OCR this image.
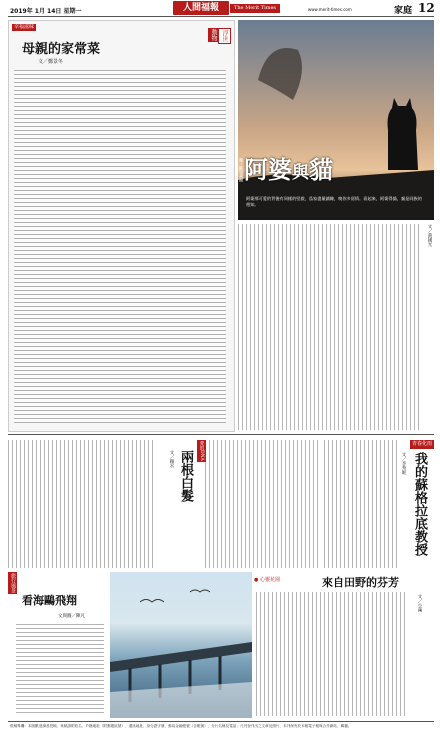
2019年 1月 14日 星期一	人間福報	The Merit Times	www.merit-times.com	家庭 12
幸福滋味
母親的家常菜
文／鄭景冬
浮世
動物
圖／歐如蘋攝 阿婆與貓
阿婆那可愛的背後有同樣的堅毅，爲家盡量鋪陳，嗅你多留情。看起來，阿婆得貓，貓是同族的相知。
文／黃國光
愛的DNA
兩根白髮
文／賴水
青春化雨
我的蘇格拉底教授
文／李秀妮
旅行風景
看海鷗飛翔
文與圖／陳凡
● 心靈花園	來自田野的芬芳
文／小溪
徵稿專欄：本版歡迎讀者投稿，來稿請附姓名、戶籍地址（附郵遞區號）、通訊地址、身分證字號、郵局金融帳號（含帳號）、分行名稱及電話；凡刊登刊出之文章及照片，本刊保有於本報電子報與合作網站、聯播。
